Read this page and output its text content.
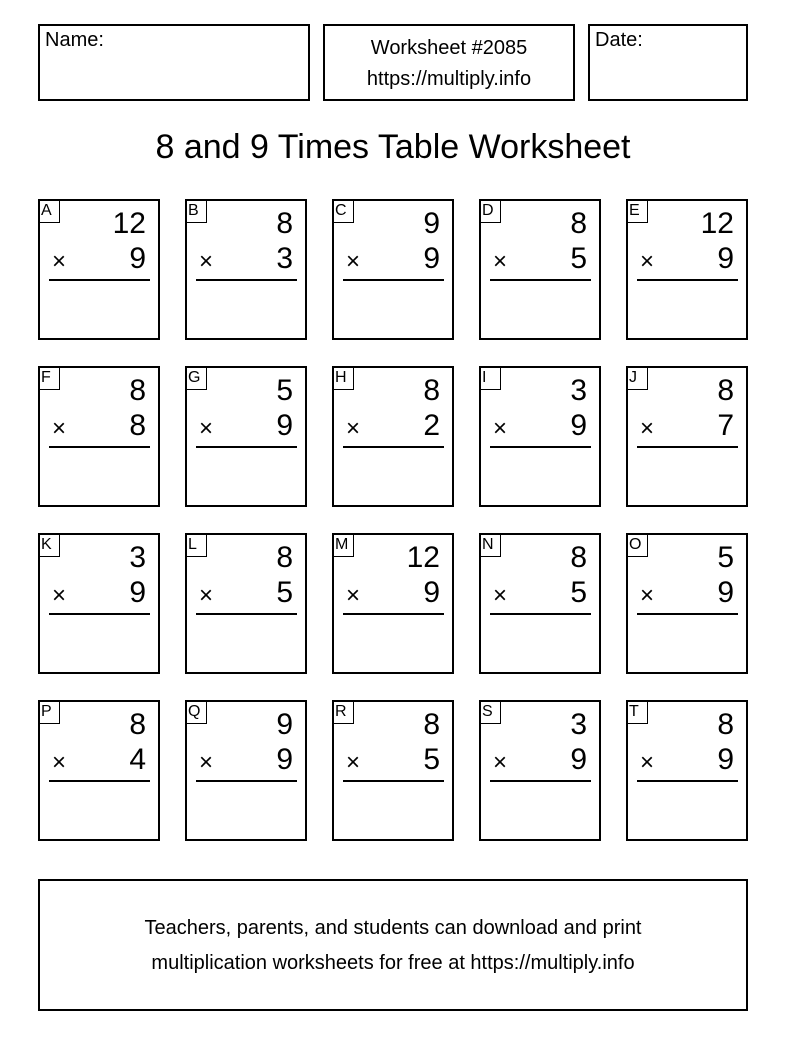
Name:	Worksheet #2085
https://multiply.info
Date:
8 and 9 Times Table Worksheet
A 12
× 9
B	8
× 3
C	9
× 9
D	8
× 5
E 12
× 9
F	8
× 8
G	5
× 9
H	8
× 2
I	3
× 9
J	8
× 7
K	3
× 9
L	8
× 5
M 12
× 9
N	8
× 5
O	5
× 9
P	8
× 4
Q	9
× 9
R	8
× 5
S	3
× 9
T	8
× 9
Teachers, parents, and students can download and print
multiplication worksheets for free at https://multiply.info
